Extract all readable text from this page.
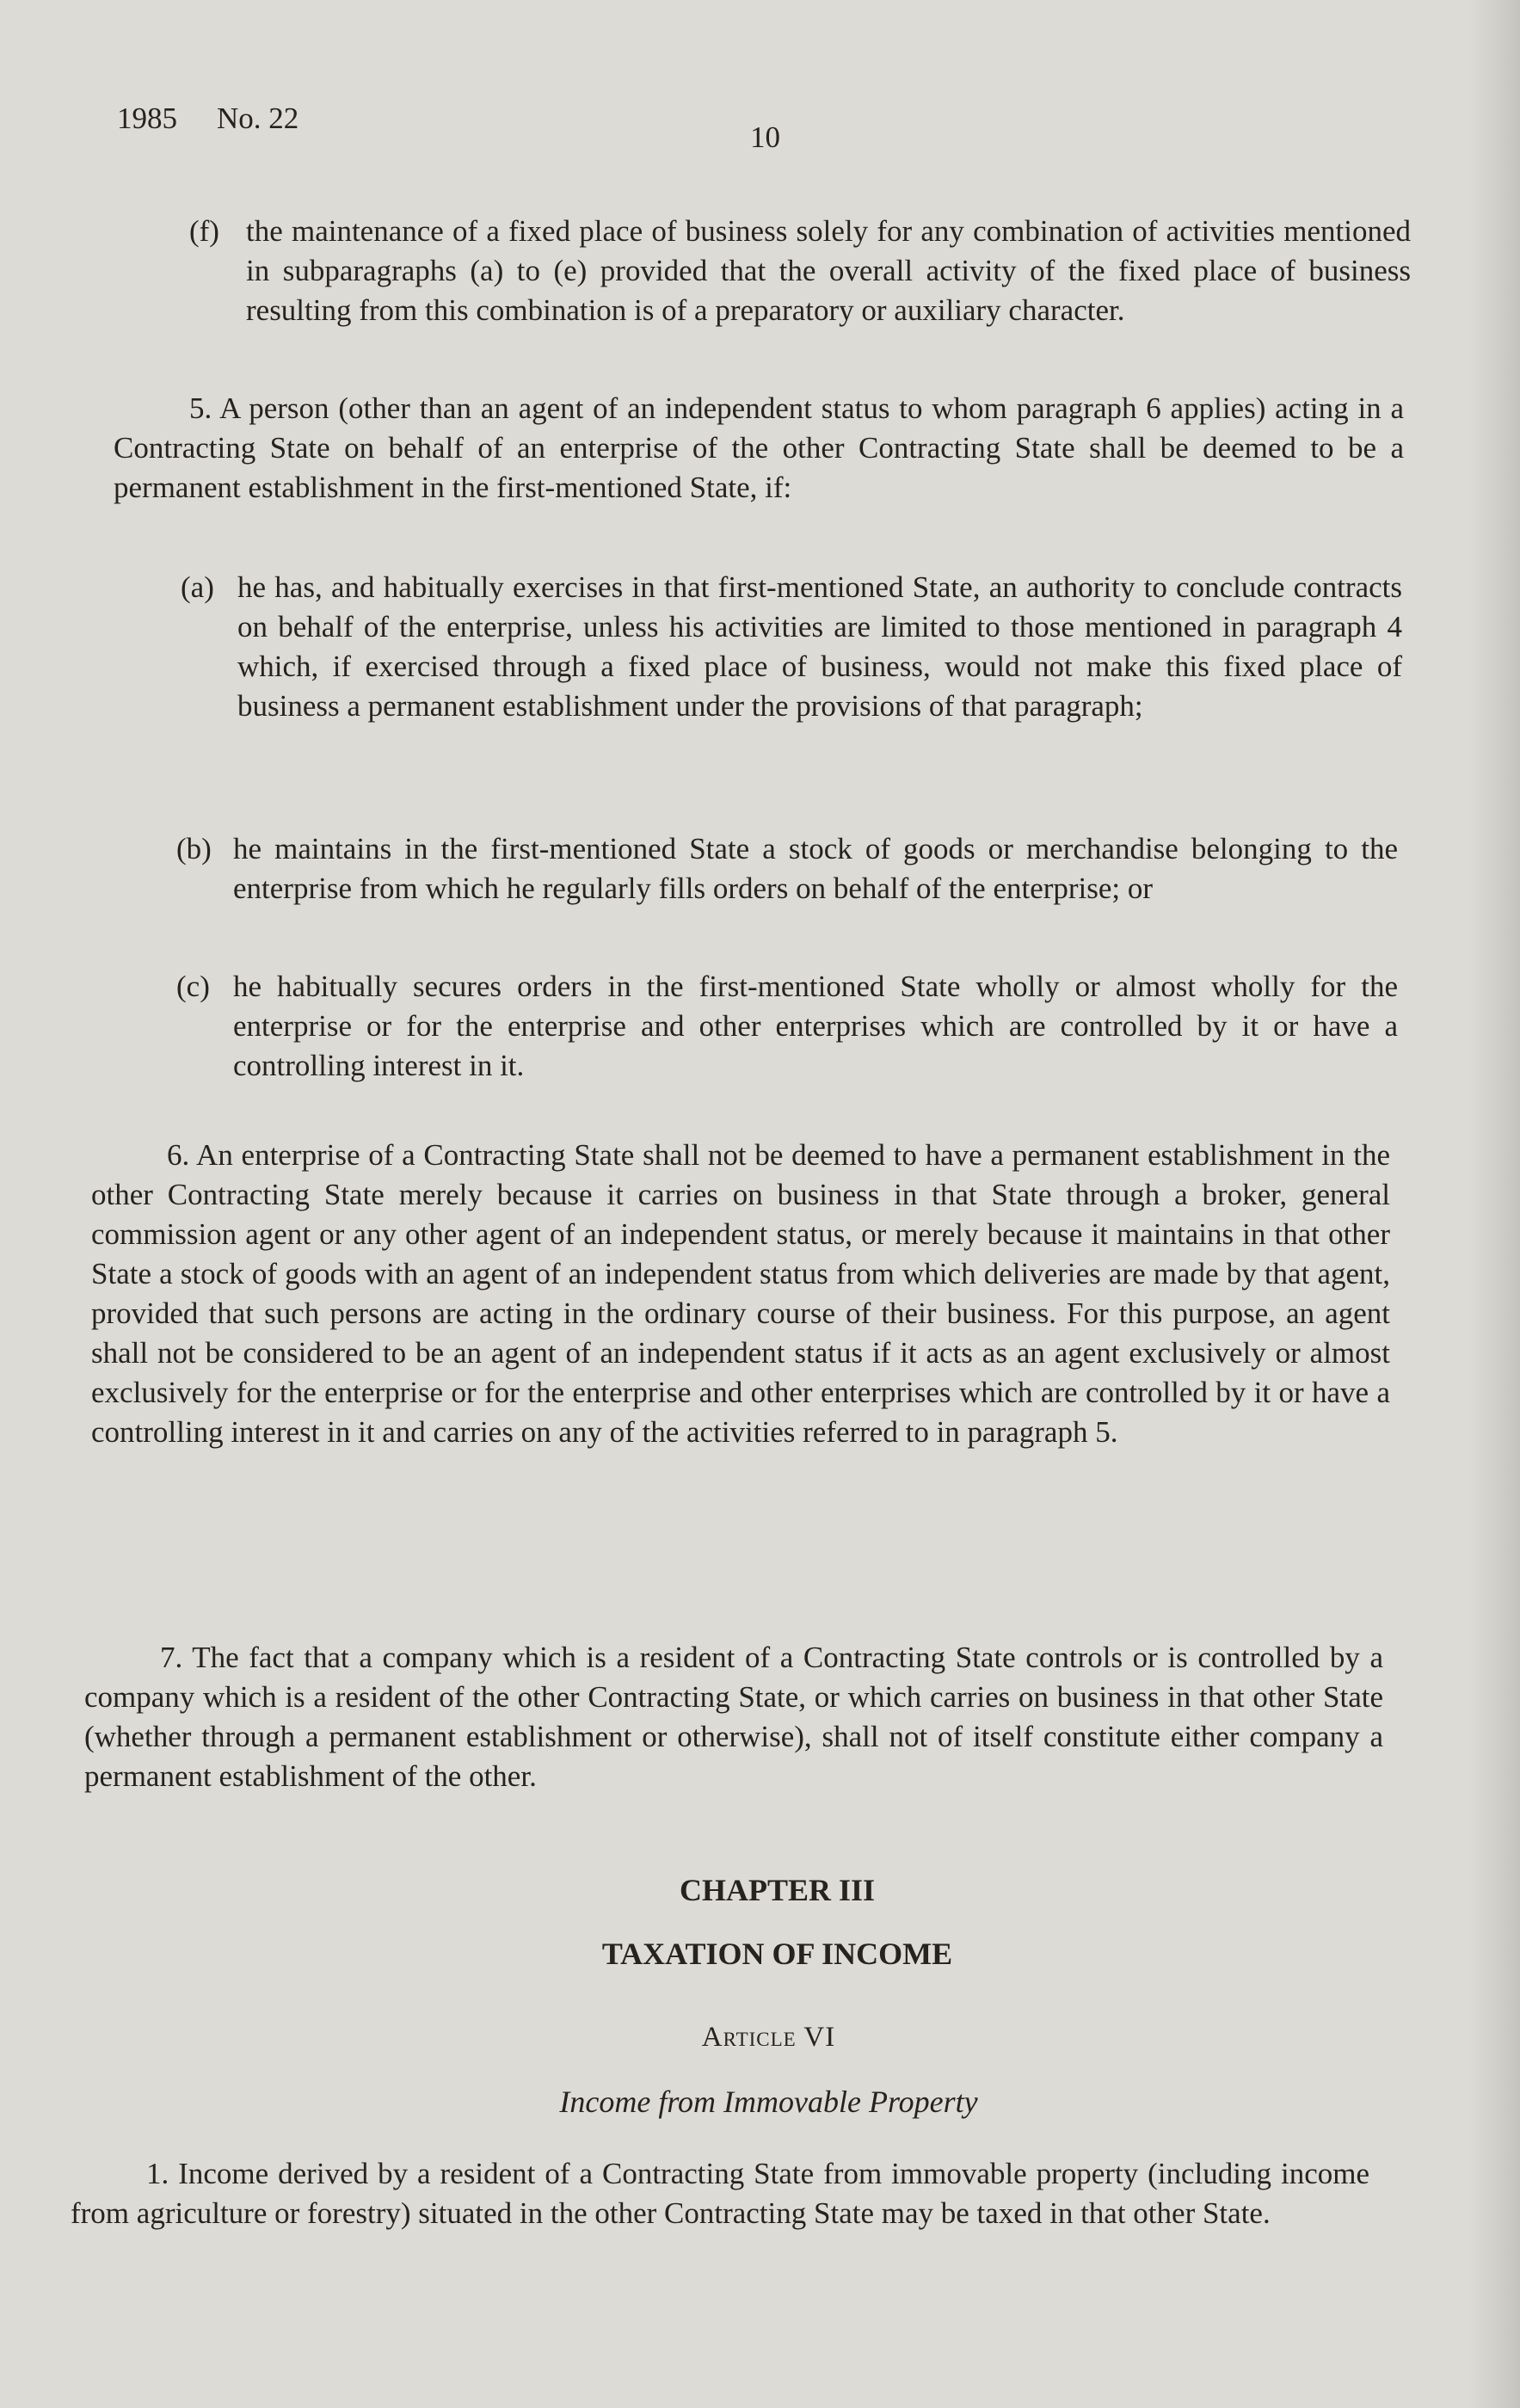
1985 No. 22
10
(f) the maintenance of a fixed place of business solely for any combination of activities mentioned in subparagraphs (a) to (e) provided that the overall activity of the fixed place of business resulting from this combination is of a preparatory or auxiliary character.
5. A person (other than an agent of an independent status to whom paragraph 6 applies) acting in a Contracting State on behalf of an enterprise of the other Contracting State shall be deemed to be a permanent establishment in the first-mentioned State, if:
(a) he has, and habitually exercises in that first-mentioned State, an authority to conclude contracts on behalf of the enterprise, unless his activities are limited to those mentioned in paragraph 4 which, if exercised through a fixed place of business, would not make this fixed place of business a permanent establishment under the provisions of that paragraph;
(b) he maintains in the first-mentioned State a stock of goods or merchandise belonging to the enterprise from which he regularly fills orders on behalf of the enterprise; or
(c) he habitually secures orders in the first-mentioned State wholly or almost wholly for the enterprise or for the enterprise and other enterprises which are controlled by it or have a controlling interest in it.
6. An enterprise of a Contracting State shall not be deemed to have a permanent establishment in the other Contracting State merely because it carries on business in that State through a broker, general commission agent or any other agent of an independent status, or merely because it maintains in that other State a stock of goods with an agent of an independent status from which deliveries are made by that agent, provided that such persons are acting in the ordinary course of their business. For this purpose, an agent shall not be considered to be an agent of an independent status if it acts as an agent exclusively or almost exclusively for the enterprise or for the enterprise and other enterprises which are controlled by it or have a controlling interest in it and carries on any of the activities referred to in paragraph 5.
7. The fact that a company which is a resident of a Contracting State controls or is controlled by a company which is a resident of the other Contracting State, or which carries on business in that other State (whether through a permanent establishment or otherwise), shall not of itself constitute either company a permanent establishment of the other.
CHAPTER III
TAXATION OF INCOME
Article VI
Income from Immovable Property
1. Income derived by a resident of a Contracting State from immovable property (including income from agriculture or forestry) situated in the other Contracting State may be taxed in that other State.
